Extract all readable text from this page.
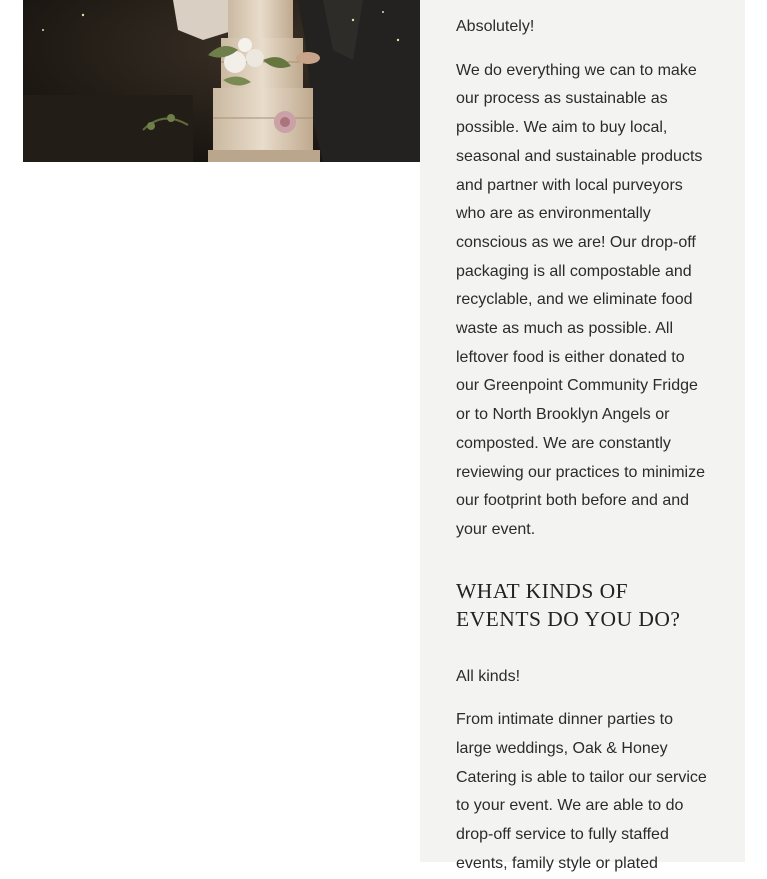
Absolutely!

We do everything we can to make our process as sustainable as possible. We aim to buy local, seasonal and sustainable products and partner with local purveyors who are as environmentally conscious as we are! Our drop-off packaging is all compostable and recyclable, and we eliminate food waste as much as possible. All leftover food is either donated to our Greenpoint Community Fridge or to North Brooklyn Angels or composted. We are constantly reviewing our practices to minimize our footprint both before and and your event.

WHAT KINDS OF EVENTS DO YOU DO?

All kinds!

From intimate dinner parties to large weddings, Oak & Honey Catering is able to tailor our service to your event. We are able to do drop-off service to fully staffed events, family style or plated
